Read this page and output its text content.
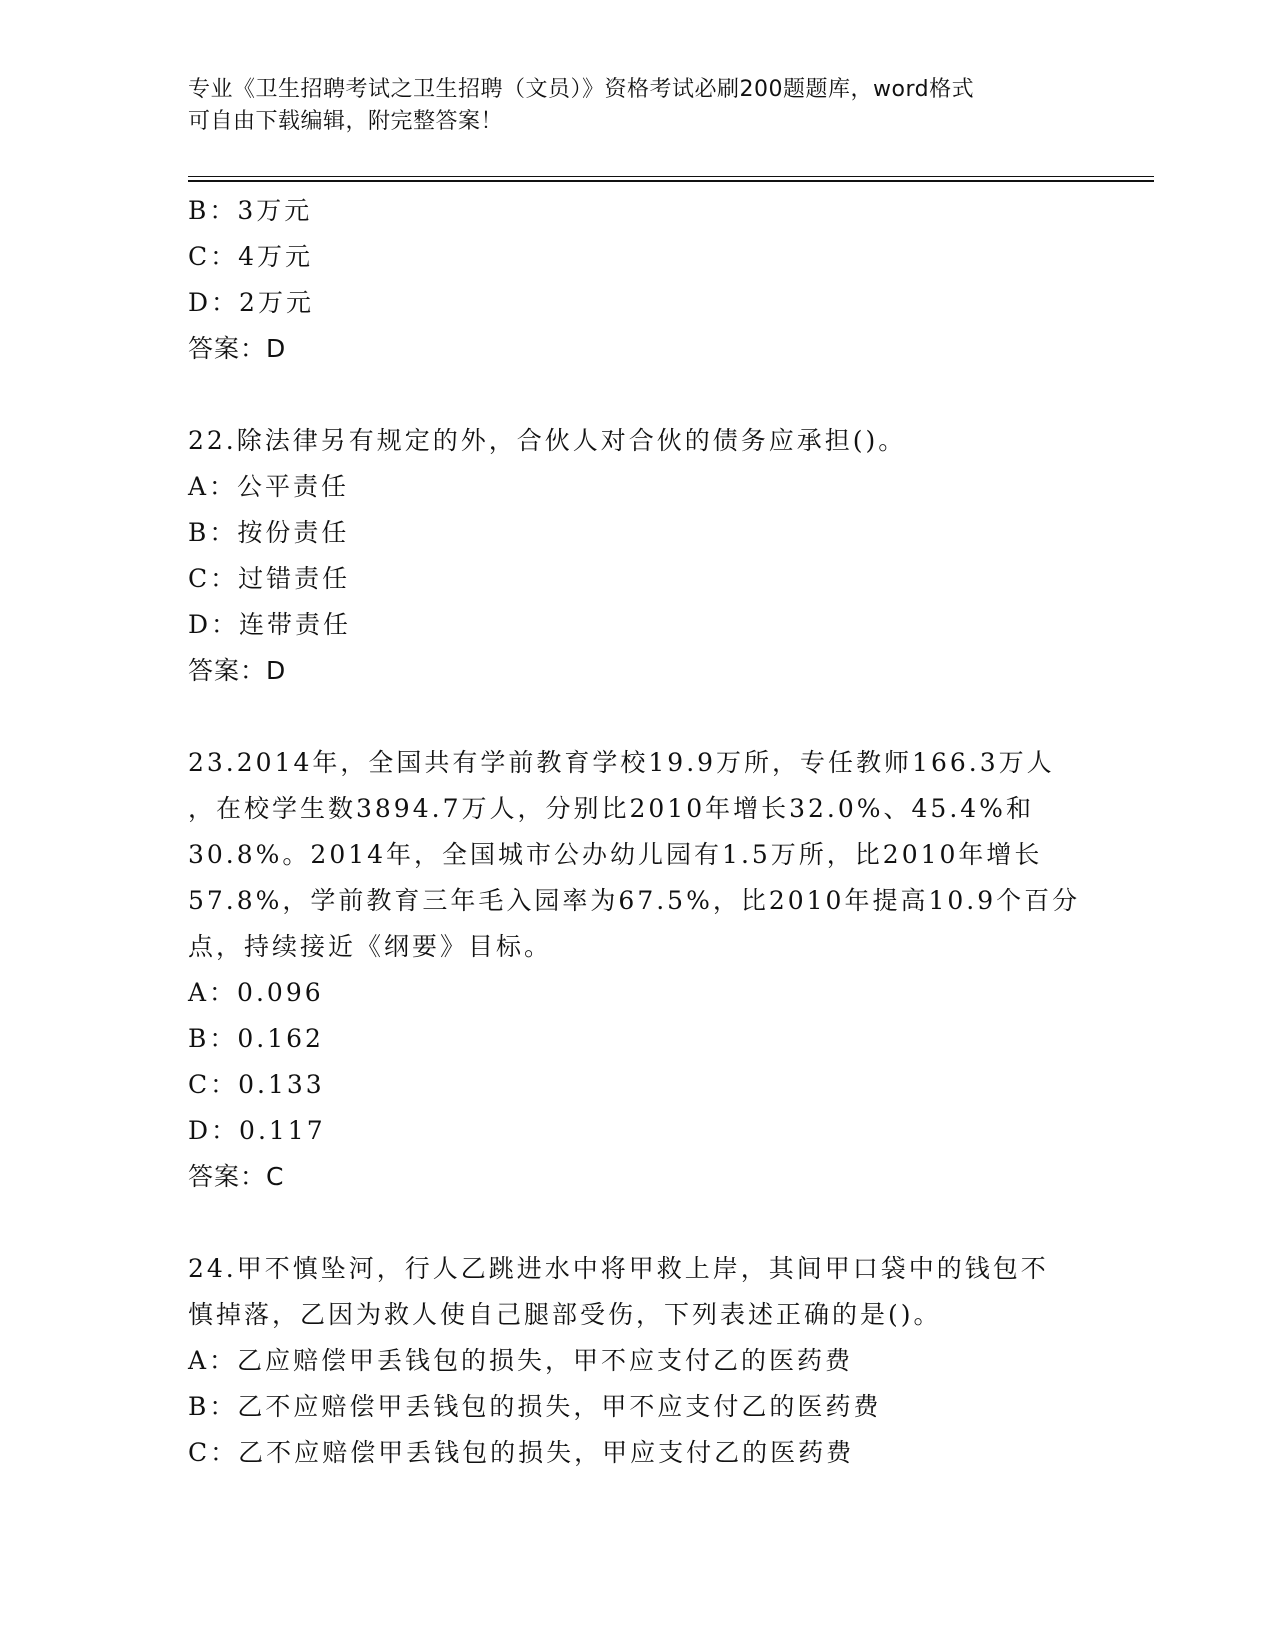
专业《卫生招聘考试之卫生招聘（文员）》资格考试必刷200题题库，word格式
可自由下载编辑，附完整答案！
B：3万元
C：4万元
D：2万元
答案：D
22.除法律另有规定的外，合伙人对合伙的债务应承担()。
A：公平责任
B：按份责任
C：过错责任
D：连带责任
答案：D
23.2014年，全国共有学前教育学校19.9万所，专任教师166.3万人
，在校学生数3894.7万人，分别比2010年增长32.0%、45.4%和
30.8%。2014年，全国城市公办幼儿园有1.5万所，比2010年增长
57.8%，学前教育三年毛入园率为67.5%，比2010年提高10.9个百分
点，持续接近《纲要》目标。
A：0.096
B：0.162
C：0.133
D：0.117
答案：C
24.甲不慎坠河，行人乙跳进水中将甲救上岸，其间甲口袋中的钱包不
慎掉落，乙因为救人使自己腿部受伤，下列表述正确的是()。
A：乙应赔偿甲丢钱包的损失，甲不应支付乙的医药费
B：乙不应赔偿甲丢钱包的损失，甲不应支付乙的医药费
C：乙不应赔偿甲丢钱包的损失，甲应支付乙的医药费
